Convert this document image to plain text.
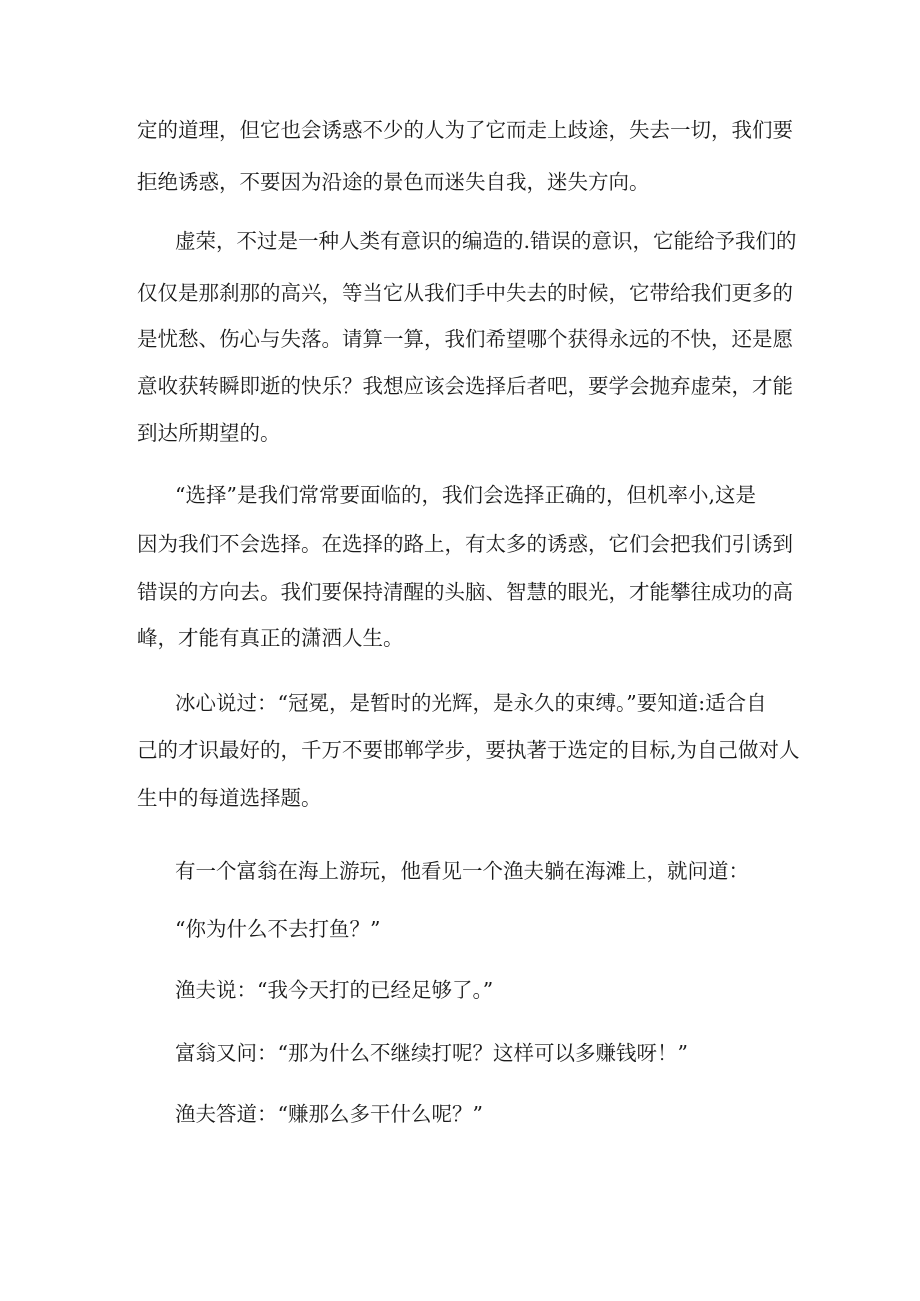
定的道理，但它也会诱惑不少的人为了它而走上歧途，失去一切，我们要
拒绝诱惑，不要因为沿途的景色而迷失自我，迷失方向。
虚荣，不过是一种人类有意识的编造的.错误的意识，它能给予我们的
仅仅是那刹那的高兴，等当它从我们手中失去的时候，它带给我们更多的
是忧愁、伤心与失落。请算一算，我们希望哪个获得永远的不快，还是愿
意收获转瞬即逝的快乐？我想应该会选择后者吧，要学会抛弃虚荣，才能
到达所期望的。
“选择”是我们常常要面临的，我们会选择正确的，但机率小,这是
因为我们不会选择。在选择的路上，有太多的诱惑，它们会把我们引诱到
错误的方向去。我们要保持清醒的头脑、智慧的眼光，才能攀往成功的高
峰，才能有真正的潇洒人生。
冰心说过：“冠冕，是暂时的光辉，是永久的束缚。”要知道:适合自
己的才识最好的，千万不要邯郸学步，要执著于选定的目标,为自己做对人
生中的每道选择题。
有一个富翁在海上游玩，他看见一个渔夫躺在海滩上，就问道：
“你为什么不去打鱼？”
渔夫说：“我今天打的已经足够了。”
富翁又问：“那为什么不继续打呢？这样可以多赚钱呀！”
渔夫答道：“赚那么多干什么呢？”
